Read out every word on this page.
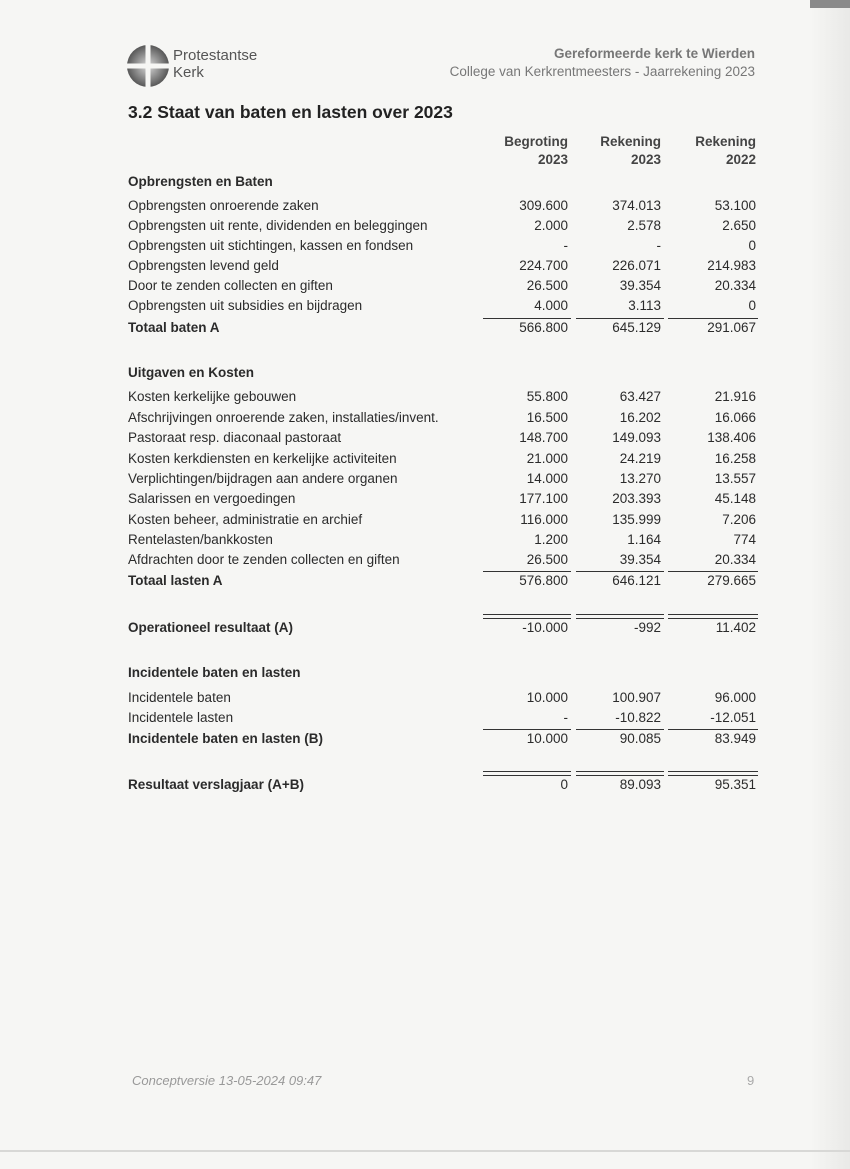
Protestantse
Kerk
Gereformeerde kerk te Wierden
College van Kerkrentmeesters - Jaarrekening 2023
3.2 Staat van baten en lasten over 2023
Begroting
2023
Rekening
2023
Rekening
2022
Opbrengsten en Baten
Opbrengsten onroerende zaken	309.600	374.013	53.100
Opbrengsten uit rente, dividenden en beleggingen	2.000	2.578	2.650
Opbrengsten uit stichtingen, kassen en fondsen	-	-	0
Opbrengsten levend geld	224.700	226.071	214.983
Door te zenden collecten en giften	26.500	39.354	20.334
Opbrengsten uit subsidies en bijdragen	4.000	3.113	0
Totaal baten A	566.800	645.129	291.067
Uitgaven en Kosten
Kosten kerkelijke gebouwen	55.800	63.427	21.916
Afschrijvingen onroerende zaken, installaties/invent.	16.500	16.202	16.066
Pastoraat resp. diaconaal pastoraat	148.700	149.093	138.406
Kosten kerkdiensten en kerkelijke activiteiten	21.000	24.219	16.258
Verplichtingen/bijdragen aan andere organen	14.000	13.270	13.557
Salarissen en vergoedingen	177.100	203.393	45.148
Kosten beheer, administratie en archief	116.000	135.999	7.206
Rentelasten/bankkosten	1.200	1.164	774
Afdrachten door te zenden collecten en giften	26.500	39.354	20.334
Totaal lasten A	576.800	646.121	279.665
Operationeel resultaat (A)	-10.000	-992	11.402
Incidentele baten en lasten
Incidentele baten	10.000	100.907	96.000
Incidentele lasten	-	-10.822	-12.051
Incidentele baten en lasten (B)	10.000	90.085	83.949
Resultaat verslagjaar (A+B)	0	89.093	95.351
Conceptversie 13-05-2024 09:47	9
